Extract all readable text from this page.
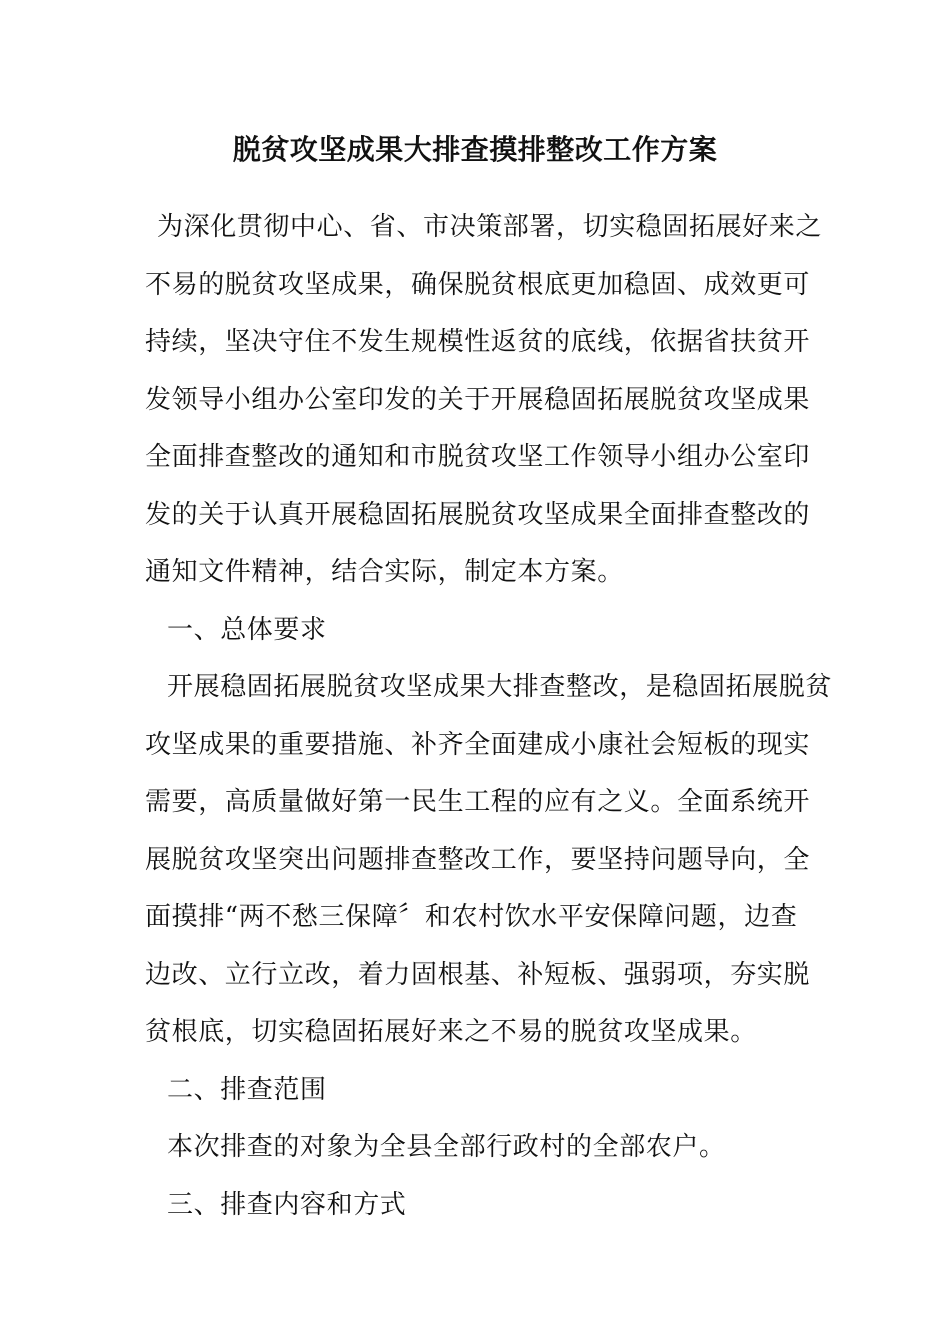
脱贫攻坚成果大排查摸排整改工作方案
为深化贯彻中心、省、市决策部署，切实稳固拓展好来之
不易的脱贫攻坚成果，确保脱贫根底更加稳固、成效更可
持续，坚决守住不发生规模性返贫的底线，依据省扶贫开
发领导小组办公室印发的关于开展稳固拓展脱贫攻坚成果
全面排查整改的通知和市脱贫攻坚工作领导小组办公室印
发的关于认真开展稳固拓展脱贫攻坚成果全面排查整改的
通知文件精神，结合实际，制定本方案。
一、总体要求
开展稳固拓展脱贫攻坚成果大排查整改，是稳固拓展脱贫
攻坚成果的重要措施、补齐全面建成小康社会短板的现实
需要，高质量做好第一民生工程的应有之义。全面系统开
展脱贫攻坚突出问题排查整改工作，要坚持问题导向，全
面摸排“两不愁三保障〞和农村饮水平安保障问题，边查
边改、立行立改，着力固根基、补短板、强弱项，夯实脱
贫根底，切实稳固拓展好来之不易的脱贫攻坚成果。
二、排查范围
本次排查的对象为全县全部行政村的全部农户。
三、排查内容和方式
